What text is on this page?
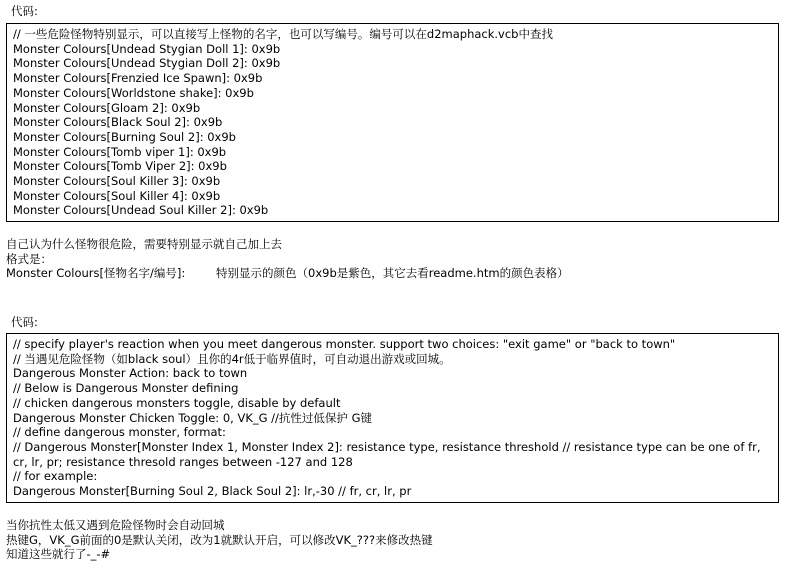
代码:
// 一些危险怪物特别显示，可以直接写上怪物的名字，也可以写编号。编号可以在d2maphack.vcb中查找
Monster Colours[Undead Stygian Doll 1]: 0x9b
Monster Colours[Undead Stygian Doll 2]: 0x9b
Monster Colours[Frenzied Ice Spawn]: 0x9b
Monster Colours[Worldstone shake]: 0x9b
Monster Colours[Gloam 2]: 0x9b
Monster Colours[Black Soul 2]: 0x9b
Monster Colours[Burning Soul 2]: 0x9b
Monster Colours[Tomb viper 1]: 0x9b
Monster Colours[Tomb Viper 2]: 0x9b
Monster Colours[Soul Killer 3]: 0x9b
Monster Colours[Soul Killer 4]: 0x9b
Monster Colours[Undead Soul Killer 2]: 0x9b
自己认为什么怪物很危险，需要特别显示就自己加上去
格式是：
Monster Colours[怪物名字/编号]:	特别显示的颜色（0x9b是紫色，其它去看readme.htm的颜色表格）
代码:
// specify player's reaction when you meet dangerous monster. support two choices: "exit game" or "back to town"
// 当遇见危险怪物（如black soul）且你的4r低于临界值时，可自动退出游戏或回城。
Dangerous Monster Action: back to town
// Below is Dangerous Monster defining
// chicken dangerous monsters toggle, disable by default
Dangerous Monster Chicken Toggle: 0, VK_G //抗性过低保护 G键
// define dangerous monster, format:
// Dangerous Monster[Monster Index 1, Monster Index 2]: resistance type, resistance threshold // resistance type can be one of fr, cr, lr, pr; resistance thresold ranges between -127 and 128
// for example:
Dangerous Monster[Burning Soul 2, Black Soul 2]: lr,-30 // fr, cr, lr, pr
当你抗性太低又遇到危险怪物时会自动回城
热键G，VK_G前面的0是默认关闭，改为1就默认开启，可以修改VK_???来修改热键
知道这些就行了-_-#
